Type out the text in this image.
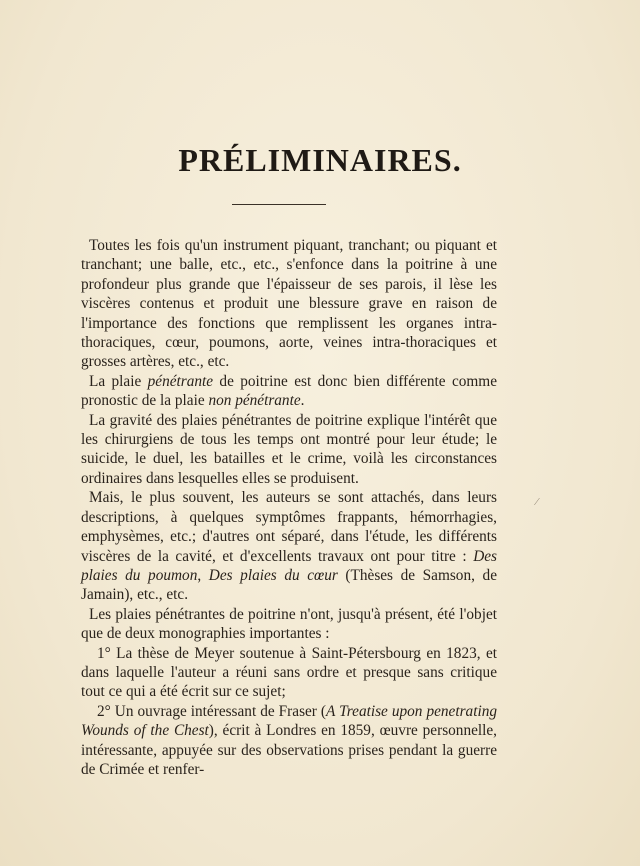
PRÉLIMINAIRES.

Toutes les fois qu'un instrument piquant, tranchant; ou piquant et tranchant; une balle, etc., etc., s'enfonce dans la poitrine à une profondeur plus grande que l'épaisseur de ses parois, il lèse les viscères contenus et produit une blessure grave en raison de l'importance des fonctions que remplissent les organes intra-thoraciques, cœur, poumons, aorte, veines intra-thoraciques et grosses artères, etc., etc.

La plaie pénétrante de poitrine est donc bien différente comme pronostic de la plaie non pénétrante.

La gravité des plaies pénétrantes de poitrine explique l'intérêt que les chirurgiens de tous les temps ont montré pour leur étude; le suicide, le duel, les batailles et le crime, voilà les circonstances ordinaires dans lesquelles elles se produisent.

Mais, le plus souvent, les auteurs se sont attachés, dans leurs descriptions, à quelques symptômes frappants, hémorrhagies, emphysèmes, etc.; d'autres ont séparé, dans l'étude, les différents viscères de la cavité, et d'excellents travaux ont pour titre : Des plaies du poumon, Des plaies du cœur (Thèses de Samson, de Jamain), etc., etc.

Les plaies pénétrantes de poitrine n'ont, jusqu'à présent, été l'objet que de deux monographies importantes :

1° La thèse de Meyer soutenue à Saint-Pétersbourg en 1823, et dans laquelle l'auteur a réuni sans ordre et presque sans critique tout ce qui a été écrit sur ce sujet;

2° Un ouvrage intéressant de Fraser (A Treatise upon penetrating Wounds of the Chest), écrit à Londres en 1859, œuvre personnelle, intéressante, appuyée sur des observations prises pendant la guerre de Crimée et renfer-

⁄
